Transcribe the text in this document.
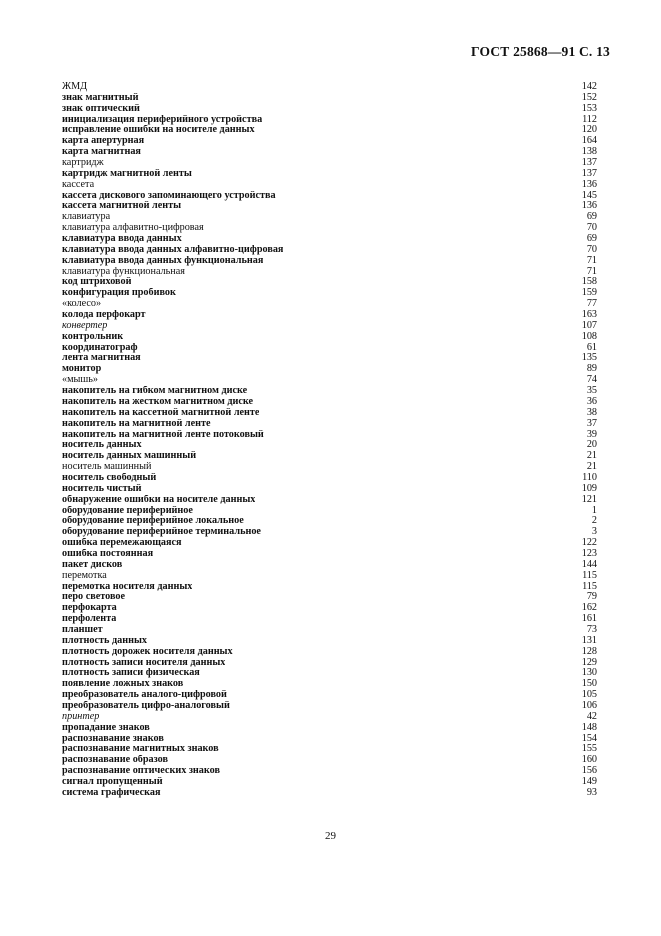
ГОСТ 25868—91 С. 13
ЖМД	142
знак магнитный	152
знак оптический	153
инициализация периферийного устройства	112
исправление ошибки на носителе данных	120
карта апертурная	164
карта магнитная	138
картридж	137
картридж магнитной ленты	137
кассета	136
кассета дискового запоминающего устройства	145
кассета магнитной ленты	136
клавиатура	69
клавиатура алфавитно-цифровая	70
клавиатура ввода данных	69
клавиатура ввода данных алфавитно-цифровая	70
клавиатура ввода данных функциональная	71
клавиатура функциональная	71
код штриховой	158
конфигурация пробивок	159
«колесо»	77
колода перфокарт	163
конвертер	107
контрольник	108
координатограф	61
лента магнитная	135
монитор	89
«мышь»	74
накопитель на гибком магнитном диске	35
накопитель на жестком магнитном диске	36
накопитель на кассетной магнитной ленте	38
накопитель на магнитной ленте	37
накопитель на магнитной ленте потоковый	39
носитель данных	20
носитель данных машинный	21
носитель машинный	21
носитель свободный	110
носитель чистый	109
обнаружение ошибки на носителе данных	121
оборудование периферийное	1
оборудование периферийное локальное	2
оборудование периферийное терминальное	3
ошибка перемежающаяся	122
ошибка постоянная	123
пакет дисков	144
перемотка	115
перемотка носителя данных	115
перо световое	79
перфокарта	162
перфолента	161
планшет	73
плотность данных	131
плотность дорожек носителя данных	128
плотность записи носителя данных	129
плотность записи физическая	130
появление ложных знаков	150
преобразователь аналого-цифровой	105
преобразователь цифро-аналоговый	106
принтер	42
пропадание знаков	148
распознавание знаков	154
распознавание магнитных знаков	155
распознавание образов	160
распознавание оптических знаков	156
сигнал пропущенный	149
система графическая	93
29
